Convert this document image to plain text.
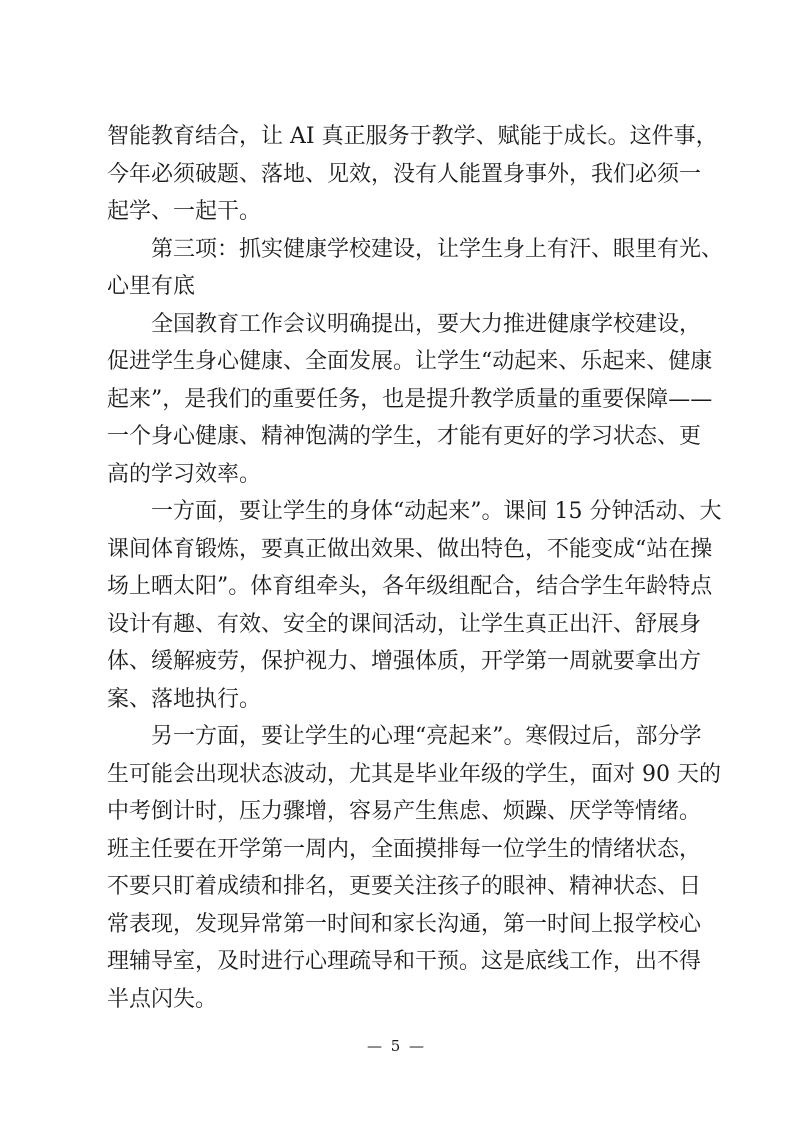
智能教育结合，让 AI 真正服务于教学、赋能于成长。这件事，
今年必须破题、落地、见效，没有人能置身事外，我们必须一
起学、一起干。
第三项：抓实健康学校建设，让学生身上有汗、眼里有光、
心里有底
全国教育工作会议明确提出，要大力推进健康学校建设，
促进学生身心健康、全面发展。让学生“动起来、乐起来、健康
起来”，是我们的重要任务，也是提升教学质量的重要保障——
一个身心健康、精神饱满的学生，才能有更好的学习状态、更
高的学习效率。
一方面，要让学生的身体“动起来”。课间 15 分钟活动、大
课间体育锻炼，要真正做出效果、做出特色，不能变成“站在操
场上晒太阳”。体育组牵头，各年级组配合，结合学生年龄特点
设计有趣、有效、安全的课间活动，让学生真正出汗、舒展身
体、缓解疲劳，保护视力、增强体质，开学第一周就要拿出方
案、落地执行。
另一方面，要让学生的心理“亮起来”。寒假过后，部分学
生可能会出现状态波动，尤其是毕业年级的学生，面对 90 天的
中考倒计时，压力骤增，容易产生焦虑、烦躁、厌学等情绪。
班主任要在开学第一周内，全面摸排每一位学生的情绪状态，
不要只盯着成绩和排名，更要关注孩子的眼神、精神状态、日
常表现，发现异常第一时间和家长沟通，第一时间上报学校心
理辅导室，及时进行心理疏导和干预。这是底线工作，出不得
半点闪失。
— 5 —
